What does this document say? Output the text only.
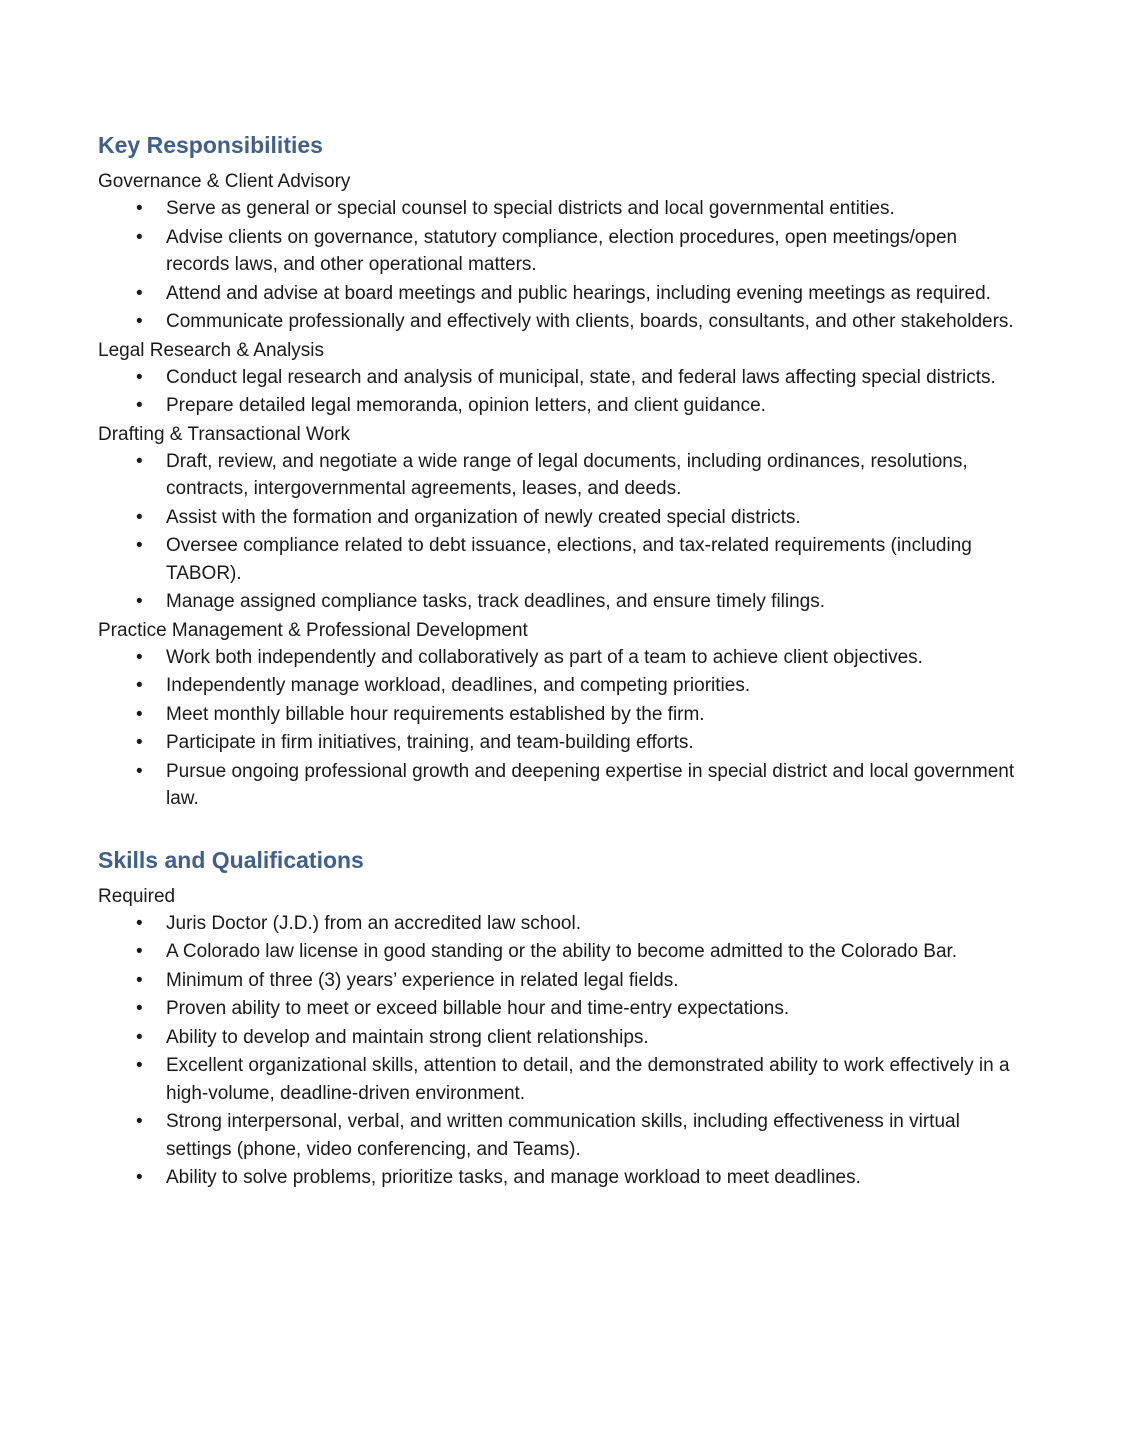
Key Responsibilities

Governance & Client Advisory

• Serve as general or special counsel to special districts and local governmental entities.
• Advise clients on governance, statutory compliance, election procedures, open meetings/open records laws, and other operational matters.
• Attend and advise at board meetings and public hearings, including evening meetings as required.
• Communicate professionally and effectively with clients, boards, consultants, and other stakeholders.

Legal Research & Analysis

• Conduct legal research and analysis of municipal, state, and federal laws affecting special districts.
• Prepare detailed legal memoranda, opinion letters, and client guidance.

Drafting & Transactional Work

• Draft, review, and negotiate a wide range of legal documents, including ordinances, resolutions, contracts, intergovernmental agreements, leases, and deeds.
• Assist with the formation and organization of newly created special districts.
• Oversee compliance related to debt issuance, elections, and tax-related requirements (including TABOR).
• Manage assigned compliance tasks, track deadlines, and ensure timely filings.

Practice Management & Professional Development

• Work both independently and collaboratively as part of a team to achieve client objectives.
• Independently manage workload, deadlines, and competing priorities.
• Meet monthly billable hour requirements established by the firm.
• Participate in firm initiatives, training, and team-building efforts.
• Pursue ongoing professional growth and deepening expertise in special district and local government law.
Skills and Qualifications

Required

• Juris Doctor (J.D.) from an accredited law school.
• A Colorado law license in good standing or the ability to become admitted to the Colorado Bar.
• Minimum of three (3) years’ experience in related legal fields.
• Proven ability to meet or exceed billable hour and time-entry expectations.
• Ability to develop and maintain strong client relationships.
• Excellent organizational skills, attention to detail, and the demonstrated ability to work effectively in a high-volume, deadline-driven environment.
• Strong interpersonal, verbal, and written communication skills, including effectiveness in virtual settings (phone, video conferencing, and Teams).
• Ability to solve problems, prioritize tasks, and manage workload to meet deadlines.
